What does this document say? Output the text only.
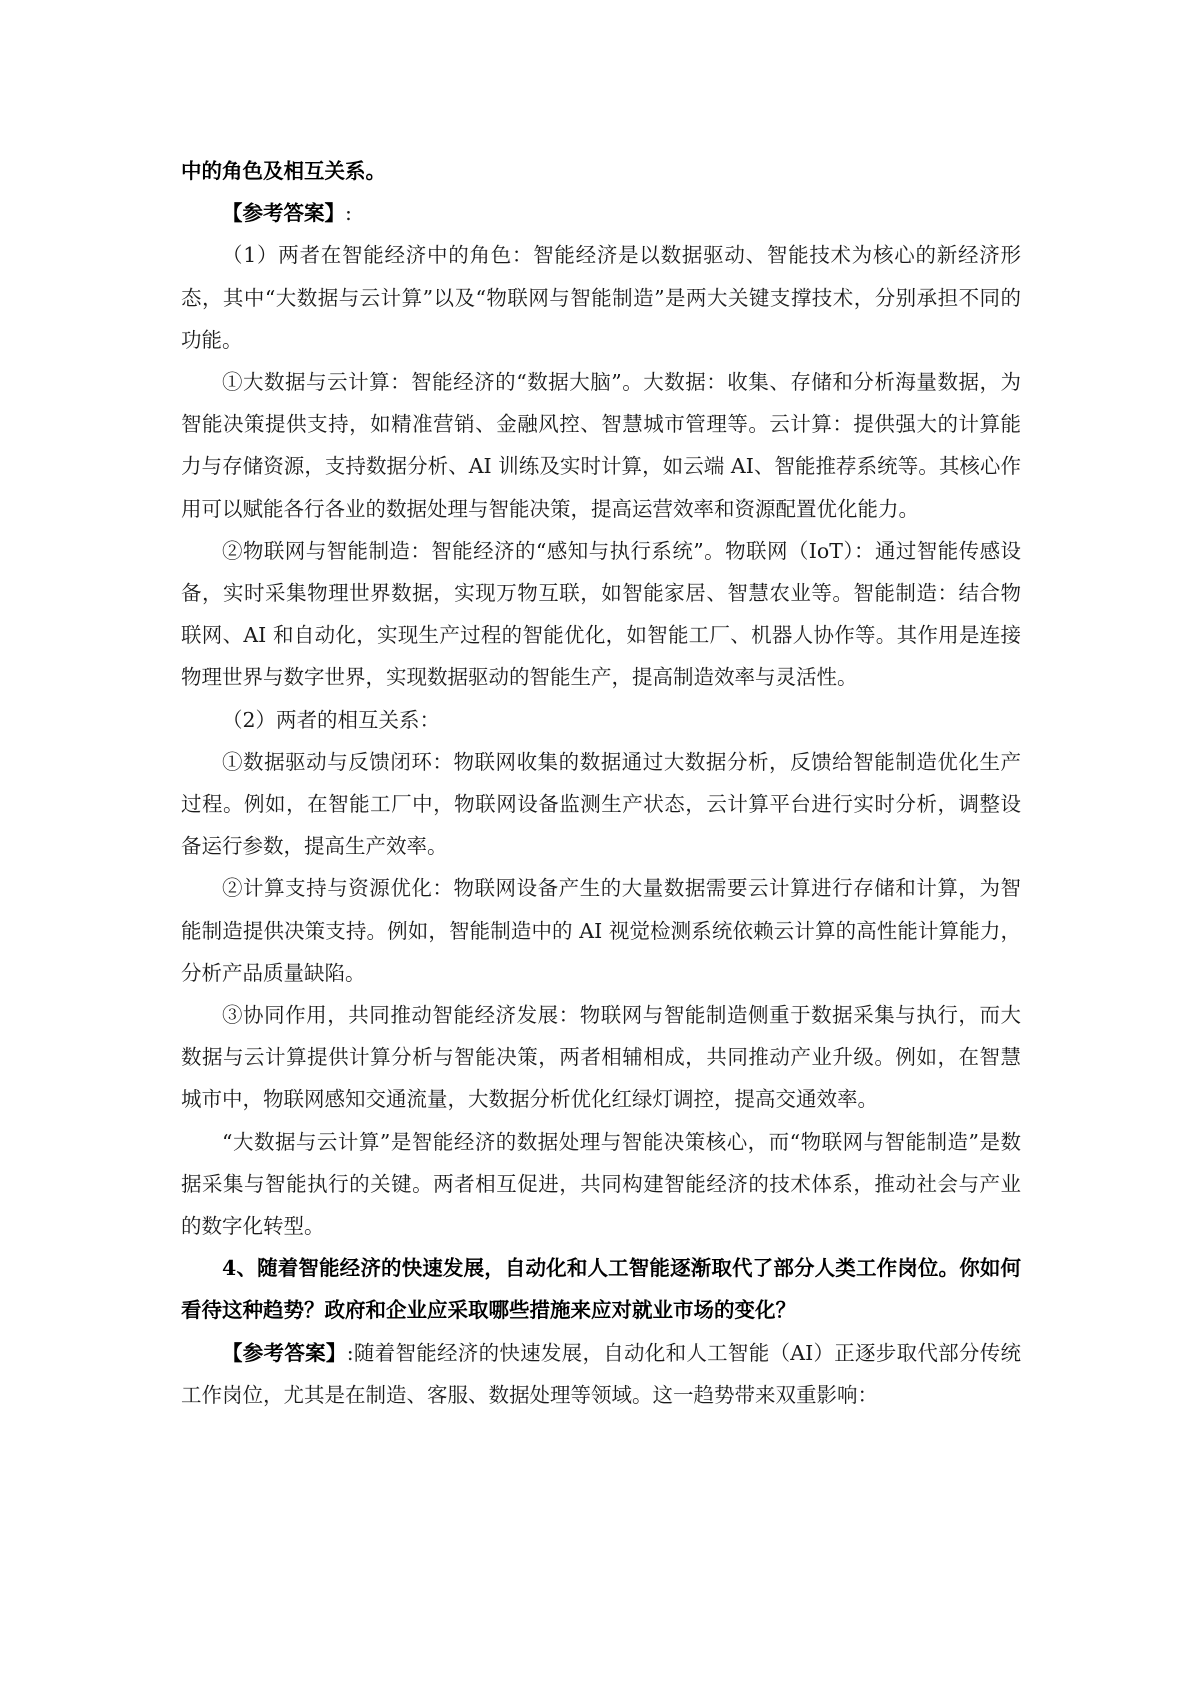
中的角色及相互关系。

【参考答案】:

（1）两者在智能经济中的角色：智能经济是以数据驱动、智能技术为核心的新经济形态，其中“大数据与云计算”以及“物联网与智能制造”是两大关键支撑技术，分别承担不同的功能。

①大数据与云计算：智能经济的“数据大脑”。大数据：收集、存储和分析海量数据，为智能决策提供支持，如精准营销、金融风控、智慧城市管理等。云计算：提供强大的计算能力与存储资源，支持数据分析、AI 训练及实时计算，如云端 AI、智能推荐系统等。其核心作用可以赋能各行各业的数据处理与智能决策，提高运营效率和资源配置优化能力。

②物联网与智能制造：智能经济的“感知与执行系统”。物联网（IoT）：通过智能传感设备，实时采集物理世界数据，实现万物互联，如智能家居、智慧农业等。智能制造：结合物联网、AI 和自动化，实现生产过程的智能优化，如智能工厂、机器人协作等。其作用是连接物理世界与数字世界，实现数据驱动的智能生产，提高制造效率与灵活性。

（2）两者的相互关系：

①数据驱动与反馈闭环：物联网收集的数据通过大数据分析，反馈给智能制造优化生产过程。例如，在智能工厂中，物联网设备监测生产状态，云计算平台进行实时分析，调整设备运行参数，提高生产效率。

②计算支持与资源优化：物联网设备产生的大量数据需要云计算进行存储和计算，为智能制造提供决策支持。例如，智能制造中的 AI 视觉检测系统依赖云计算的高性能计算能力，分析产品质量缺陷。

③协同作用，共同推动智能经济发展：物联网与智能制造侧重于数据采集与执行，而大数据与云计算提供计算分析与智能决策，两者相辅相成，共同推动产业升级。例如，在智慧城市中，物联网感知交通流量，大数据分析优化红绿灯调控，提高交通效率。

“大数据与云计算”是智能经济的数据处理与智能决策核心，而“物联网与智能制造”是数据采集与智能执行的关键。两者相互促进，共同构建智能经济的技术体系，推动社会与产业的数字化转型。

4、随着智能经济的快速发展，自动化和人工智能逐渐取代了部分人类工作岗位。你如何看待这种趋势？政府和企业应采取哪些措施来应对就业市场的变化？

【参考答案】:随着智能经济的快速发展，自动化和人工智能（AI）正逐步取代部分传统工作岗位，尤其是在制造、客服、数据处理等领域。这一趋势带来双重影响：
